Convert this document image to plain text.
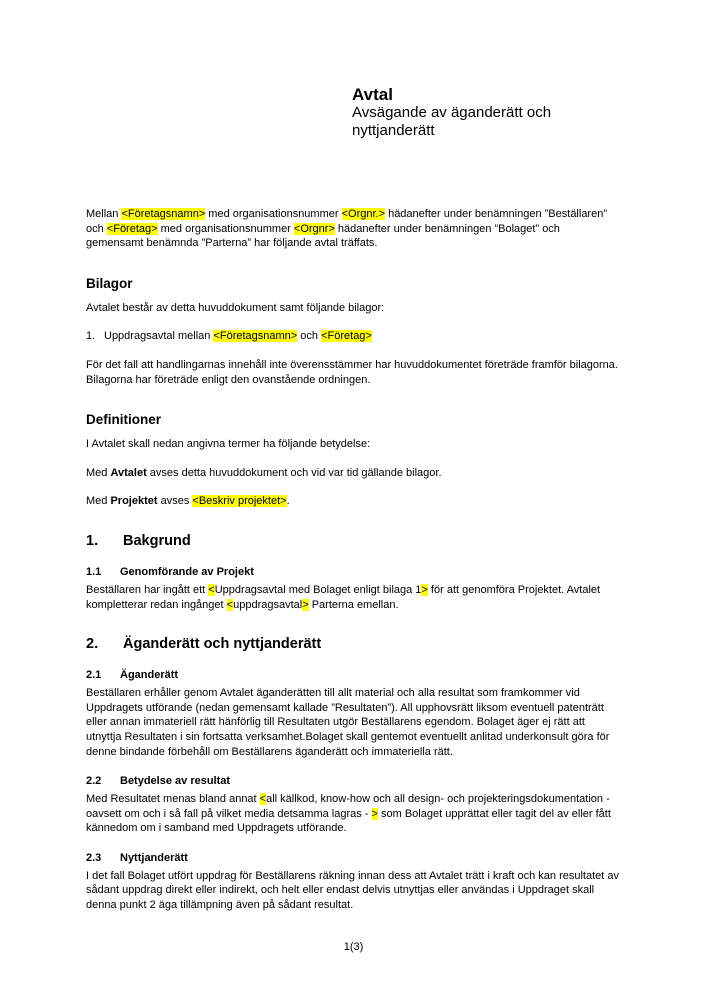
Avtal
Avsägande av äganderätt och nyttjanderätt
Mellan <Företagsnamn> med organisationsnummer <Orgnr.> hädanefter under benämningen ”Beställaren” och <Företag> med organisationsnummer <Orgnr> hädanefter under benämningen ”Bolaget” och gemensamt benämnda ”Parterna” har följande avtal träffats.
Bilagor
Avtalet består av detta huvuddokument samt följande bilagor:
1. Uppdragsavtal mellan <Företagsnamn> och <Företag>
För det fall att handlingarnas innehåll inte överensstämmer har huvuddokumentet företräde framför bilagorna. Bilagorna har företräde enligt den ovanstående ordningen.
Definitioner
I Avtalet skall nedan angivna termer ha följande betydelse:
Med Avtalet avses detta huvuddokument och vid var tid gällande bilagor.
Med Projektet avses <Beskriv projektet>.
1. Bakgrund
1.1 Genomförande av Projekt
Beställaren har ingått ett <Uppdragsavtal med Bolaget enligt bilaga 1> för att genomföra Projektet. Avtalet kompletterar redan ingånget <uppdragsavtal> Parterna emellan.
2. Äganderätt och nyttjanderätt
2.1 Äganderätt
Beställaren erhåller genom Avtalet äganderätten till allt material och alla resultat som framkommer vid Uppdragets utförande (nedan gemensamt kallade ”Resultaten”). All upphovsrätt liksom eventuell patenträtt eller annan immateriell rätt hänförlig till Resultaten utgör Beställarens egendom. Bolaget äger ej rätt att utnyttja Resultaten i sin fortsatta verksamhet.Bolaget skall gentemot eventuellt anlitad underkonsult göra för denne bindande förbehåll om Beställarens äganderätt och immateriella rätt.
2.2 Betydelse av resultat
Med Resultatet menas bland annat <all källkod, know-how och all design- och projekteringsdokumentation - oavsett om och i så fall på vilket media detsamma lagras - > som Bolaget upprättat eller tagit del av eller fått kännedom om i samband med Uppdragets utförande.
2.3 Nyttjanderätt
I det fall Bolaget utfört uppdrag för Beställarens räkning innan dess att Avtalet trätt i kraft och kan resultatet av sådant uppdrag direkt eller indirekt, och helt eller endast delvis utnyttjas eller användas i Uppdraget skall denna punkt 2 äga tillämpning även på sådant resultat.
1(3)
